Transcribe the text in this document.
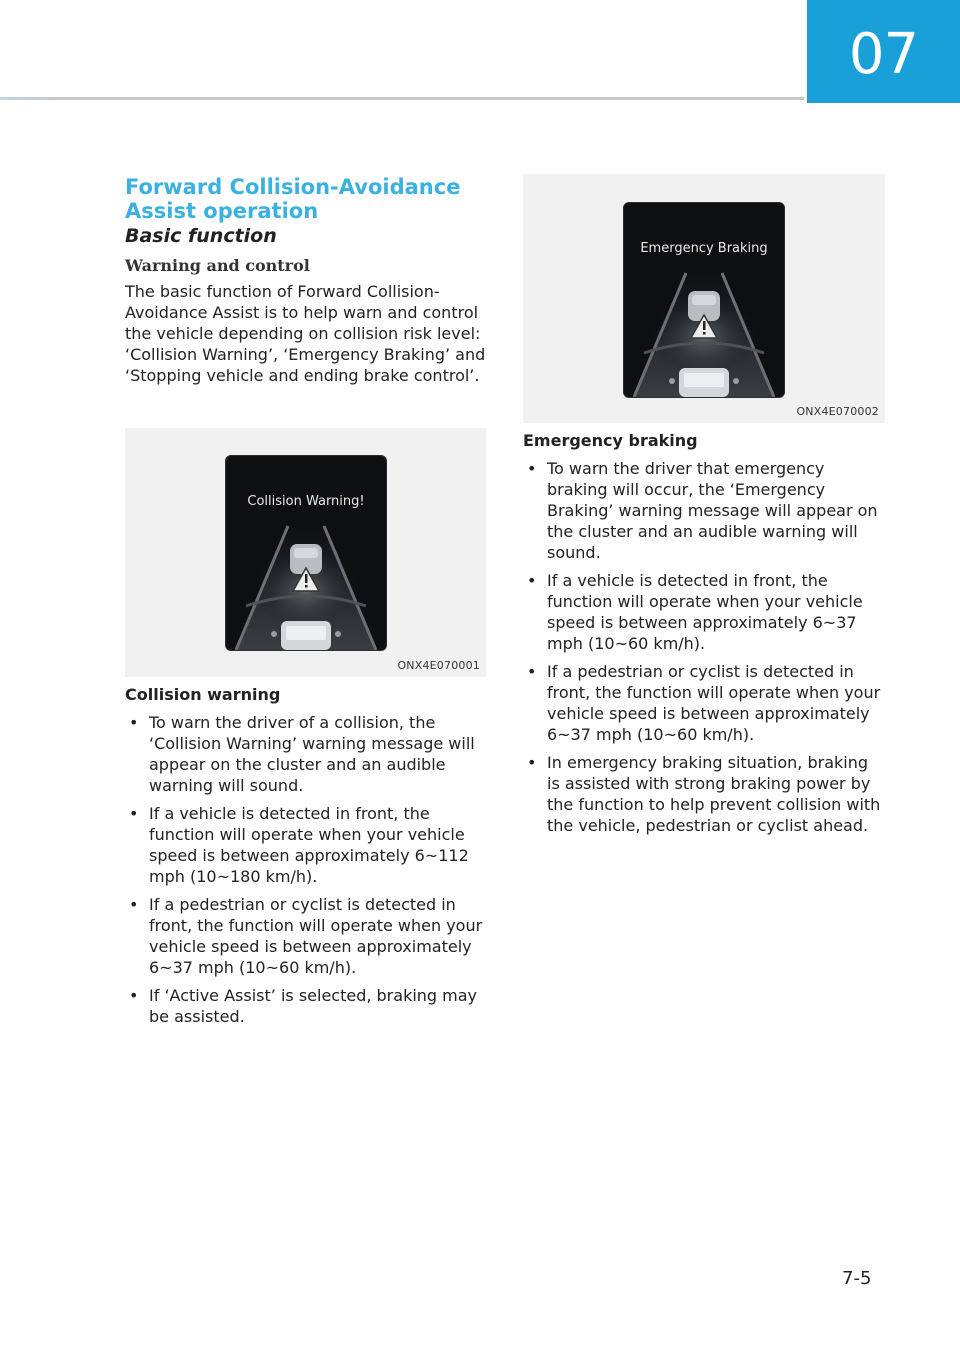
07
Forward Collision-Avoidance Assist operation
Basic function
Warning and control

The basic function of Forward Collision-Avoidance Assist is to help warn and control the vehicle depending on collision risk level: ‘Collision Warning’, ‘Emergency Braking’ and ‘Stopping vehicle and ending brake control’.

Collision Warning!
ONX4E070001
Emergency Braking
ONX4E070002
Collision warning
• To warn the driver of a collision, the ‘Collision Warning’ warning message will appear on the cluster and an audible warning will sound.
• If a vehicle is detected in front, the function will operate when your vehicle speed is between approximately 6~112 mph (10~180 km/h).
• If a pedestrian or cyclist is detected in front, the function will operate when your vehicle speed is between approximately 6~37 mph (10~60 km/h).
• If ‘Active Assist’ is selected, braking may be assisted.
Emergency braking
• To warn the driver that emergency braking will occur, the ‘Emergency Braking’ warning message will appear on the cluster and an audible warning will sound.
• If a vehicle is detected in front, the function will operate when your vehicle speed is between approximately 6~37 mph (10~60 km/h).
• If a pedestrian or cyclist is detected in front, the function will operate when your vehicle speed is between approximately 6~37 mph (10~60 km/h).
• In emergency braking situation, braking is assisted with strong braking power by the function to help prevent collision with the vehicle, pedestrian or cyclist ahead.
7-5
